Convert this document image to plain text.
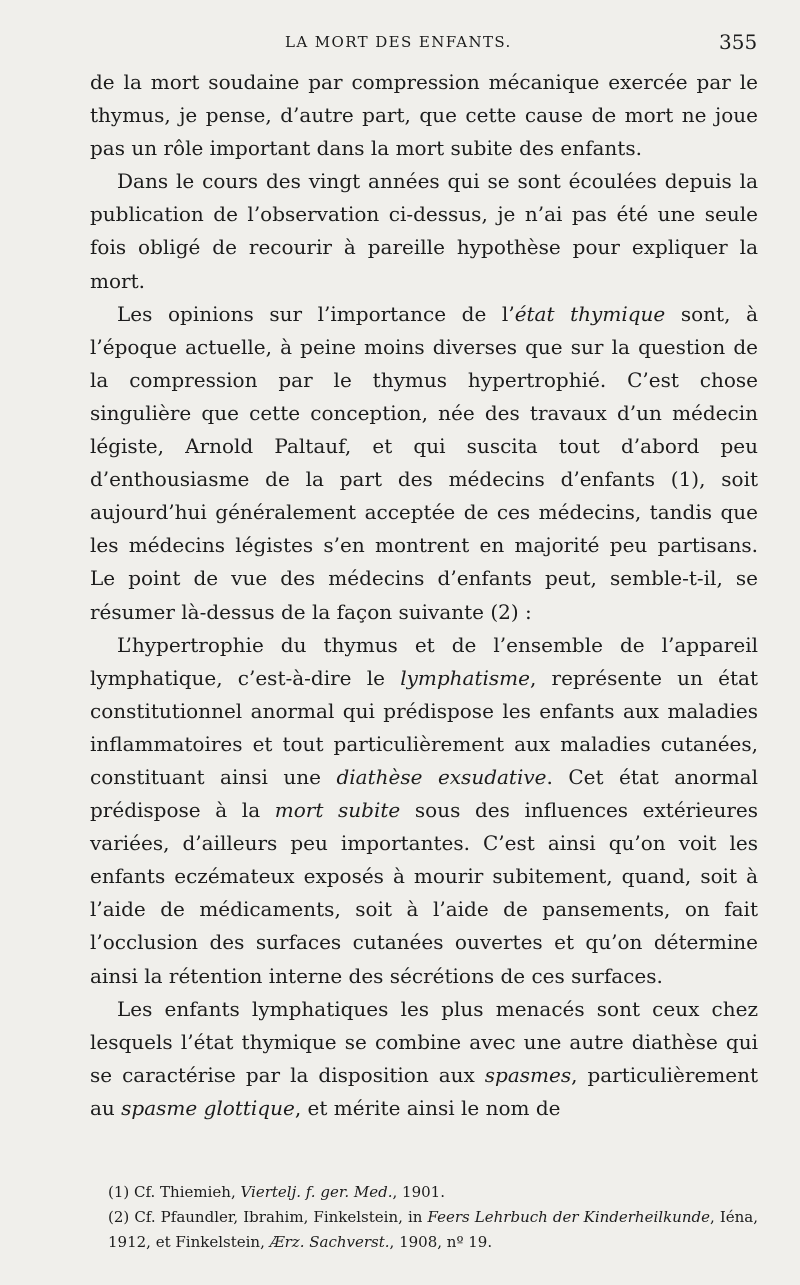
LA MORT DES ENFANTS.	355

de la mort soudaine par compression mécanique exercée par le thymus, je pense, d’autre part, que cette cause de mort ne joue pas un rôle important dans la mort subite des enfants.

Dans le cours des vingt années qui se sont écoulées depuis la publication de l’observation ci-dessus, je n’ai pas été une seule fois obligé de recourir à pareille hypothèse pour expliquer la mort.

Les opinions sur l’importance de l’état thymique sont, à l’époque actuelle, à peine moins diverses que sur la question de la compression par le thymus hypertrophié. C’est chose singulière que cette conception, née des travaux d’un médecin légiste, Arnold Paltauf, et qui suscita tout d’abord peu d’enthousiasme de la part des médecins d’enfants (1), soit aujourd’hui généralement acceptée de ces médecins, tandis que les médecins légistes s’en montrent en majorité peu partisans. Le point de vue des médecins d’enfants peut, semble-t-il, se résumer là-dessus de la façon suivante (2) :

L’hypertrophie du thymus et de l’ensemble de l’appareil lymphatique, c’est-à-dire le lymphatisme, représente un état constitutionnel anormal qui prédispose les enfants aux maladies inflammatoires et tout particulièrement aux maladies cutanées, constituant ainsi une diathèse exsudative. Cet état anormal prédispose à la mort subite sous des influences extérieures variées, d’ailleurs peu importantes. C’est ainsi qu’on voit les enfants eczémateux exposés à mourir subitement, quand, soit à l’aide de médicaments, soit à l’aide de pansements, on fait l’occlusion des surfaces cutanées ouvertes et qu’on détermine ainsi la rétention interne des sécrétions de ces surfaces.

Les enfants lymphatiques les plus menacés sont ceux chez lesquels l’état thymique se combine avec une autre diathèse qui se caractérise par la disposition aux spasmes, particulièrement au spasme glottique, et mérite ainsi le nom de

(1) Cf. Thiemieh, Viertelj. f. ger. Med., 1901.

(2) Cf. Pfaundler, Ibrahim, Finkelstein, in Feers Lehrbuch der Kinderheilkunde, Iéna, 1912, et Finkelstein, Ærz. Sachverst., 1908, nº 19.
